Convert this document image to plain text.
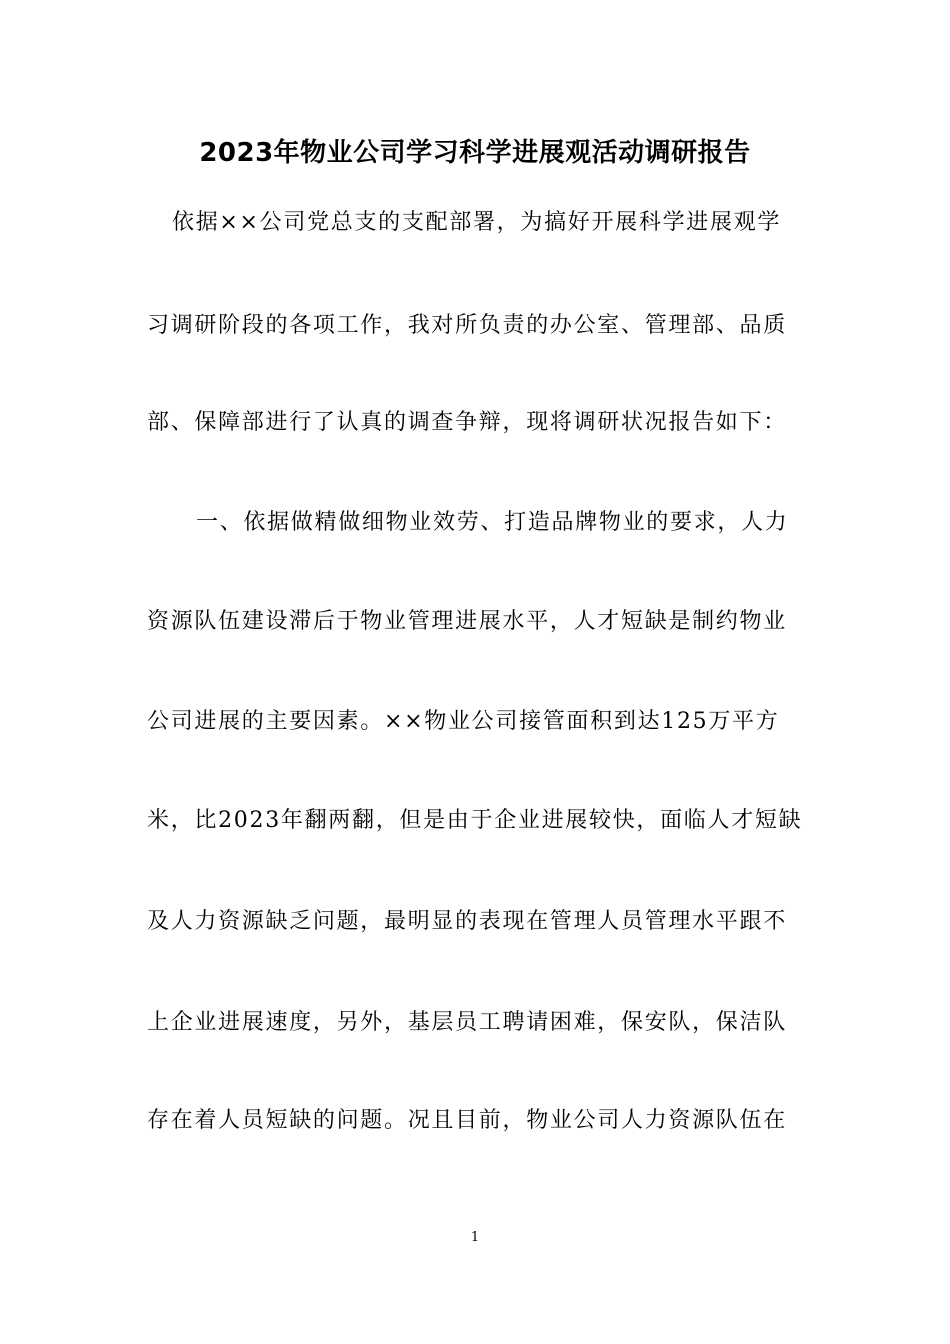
2023年物业公司学习科学进展观活动调研报告
依据××公司党总支的支配部署，为搞好开展科学进展观学
习调研阶段的各项工作，我对所负责的办公室、管理部、品质
部、保障部进行了认真的调查争辩，现将调研状况报告如下：
一、依据做精做细物业效劳、打造品牌物业的要求，人力
资源队伍建设滞后于物业管理进展水平，人才短缺是制约物业
公司进展的主要因素。××物业公司接管面积到达125万平方
米，比2023年翻两翻，但是由于企业进展较快，面临人才短缺
及人力资源缺乏问题，最明显的表现在管理人员管理水平跟不
上企业进展速度，另外，基层员工聘请困难，保安队，保洁队
存在着人员短缺的问题。况且目前，物业公司人力资源队伍在
1
